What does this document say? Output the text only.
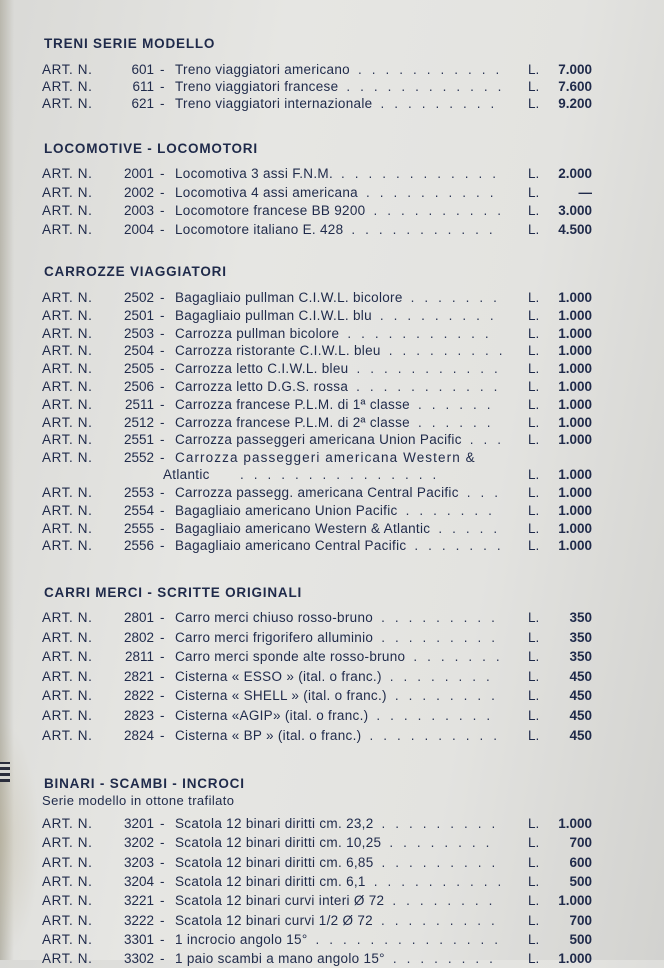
TRENI SERIE MODELLO
ART. N.	601 - Treno viaggiatori americano ...........	L. 7.000
ART. N.	611 - Treno viaggiatori francese ............ L. 7.600
ART. N.	621 - Treno viaggiatori internazionale .........	L. 9.200
LOCOMOTIVE - LOCOMOTORI
ART. N.	2001 - Locomotiva 3 assi F.N.M. ............	L. 2.000
ART. N.	2002 - Locomotiva 4 assi americana ..........	L.	—
ART. N.	2003 - Locomotore francese BB 9200 .......... L. 3.000
ART. N.	2004 - Locomotore italiano E. 428 ...........	L. 4.500
CARROZZE VIAGGIATORI
ART. N.	2502 - Bagagliaio pullman C.I.W.L. bicolore .......	L. 1.000
ART. N.	2501 - Bagagliaio pullman C.I.W.L. blu .........	L. 1.000
ART. N.	2503 - Carrozza pullman bicolore ...........	L. 1.000
ART. N.	2504 - Carrozza ristorante C.I.W.L. bleu ......... L. 1.000
ART. N.	2505 - Carrozza letto C.I.W.L. bleu ...........	L. 1.000
ART. N.	2506 - Carrozza letto D.G.S. rossa ...........	L. 1.000
ART. N.	2511 - Carrozza francese P.L.M. di 1ª classe ......	L. 1.000
ART. N.	2512 - Carrozza francese P.L.M. di 2ª classe ......	L. 1.000
ART. N.	2551 - Carrozza passeggeri americana Union Pacific ... L. 1.000
ART. N.	2552 - Carrozza passeggeri americana Western &
Atlantic	...............	L. 1.000
ART. N.	2553 - Carrozza passegg. americana Central Pacific ...	L. 1.000
ART. N.	2554 - Bagagliaio americano Union Pacific .......	L. 1.000
ART. N.	2555 - Bagagliaio americano Western & Atlantic .....	L. 1.000
ART. N.	2556 - Bagagliaio americano Central Pacific .......	L. 1.000
CARRI MERCI - SCRITTE ORIGINALI
ART. N.	2801 - Carro merci chiuso rosso-bruno .........	L. 350
ART. N.	2802 - Carro merci frigorifero alluminio .........	L. 350
ART. N.	2811 - Carro merci sponde alte rosso-bruno .......	L. 350
ART. N.	2821 - Cisterna « ESSO » (ital. o franc.) ........	L. 450
ART. N.	2822 - Cisterna « SHELL » (ital. o franc.) ........	L. 450
ART. N.	2823 - Cisterna «AGIP» (ital. o franc.) .........	L. 450
ART. N.	2824 - Cisterna « BP » (ital. o franc.) ..........	L. 450
BINARI - SCAMBI - INCROCI
Serie modello in ottone trafilato
ART. N.	3201 - Scatola 12 binari diritti cm. 23,2 .........	L. 1.000
ART. N.	3202 - Scatola 12 binari diritti cm. 10,25 ........	L. 700
ART. N.	3203 - Scatola 12 binari diritti cm. 6,85 .........	L. 600
ART. N.	3204 - Scatola 12 binari diritti cm. 6,1 .......... L. 500
ART. N.	3221 - Scatola 12 binari curvi interi Ø 72 ........	L. 1.000
ART. N.	3222 - Scatola 12 binari curvi 1/2 Ø 72 .........	L. 700
ART. N.	3301 - 1 incrocio angolo 15° ..............	L. 500
ART. N.	3302 - 1 paio scambi a mano angolo 15° ........	L. 1.000
